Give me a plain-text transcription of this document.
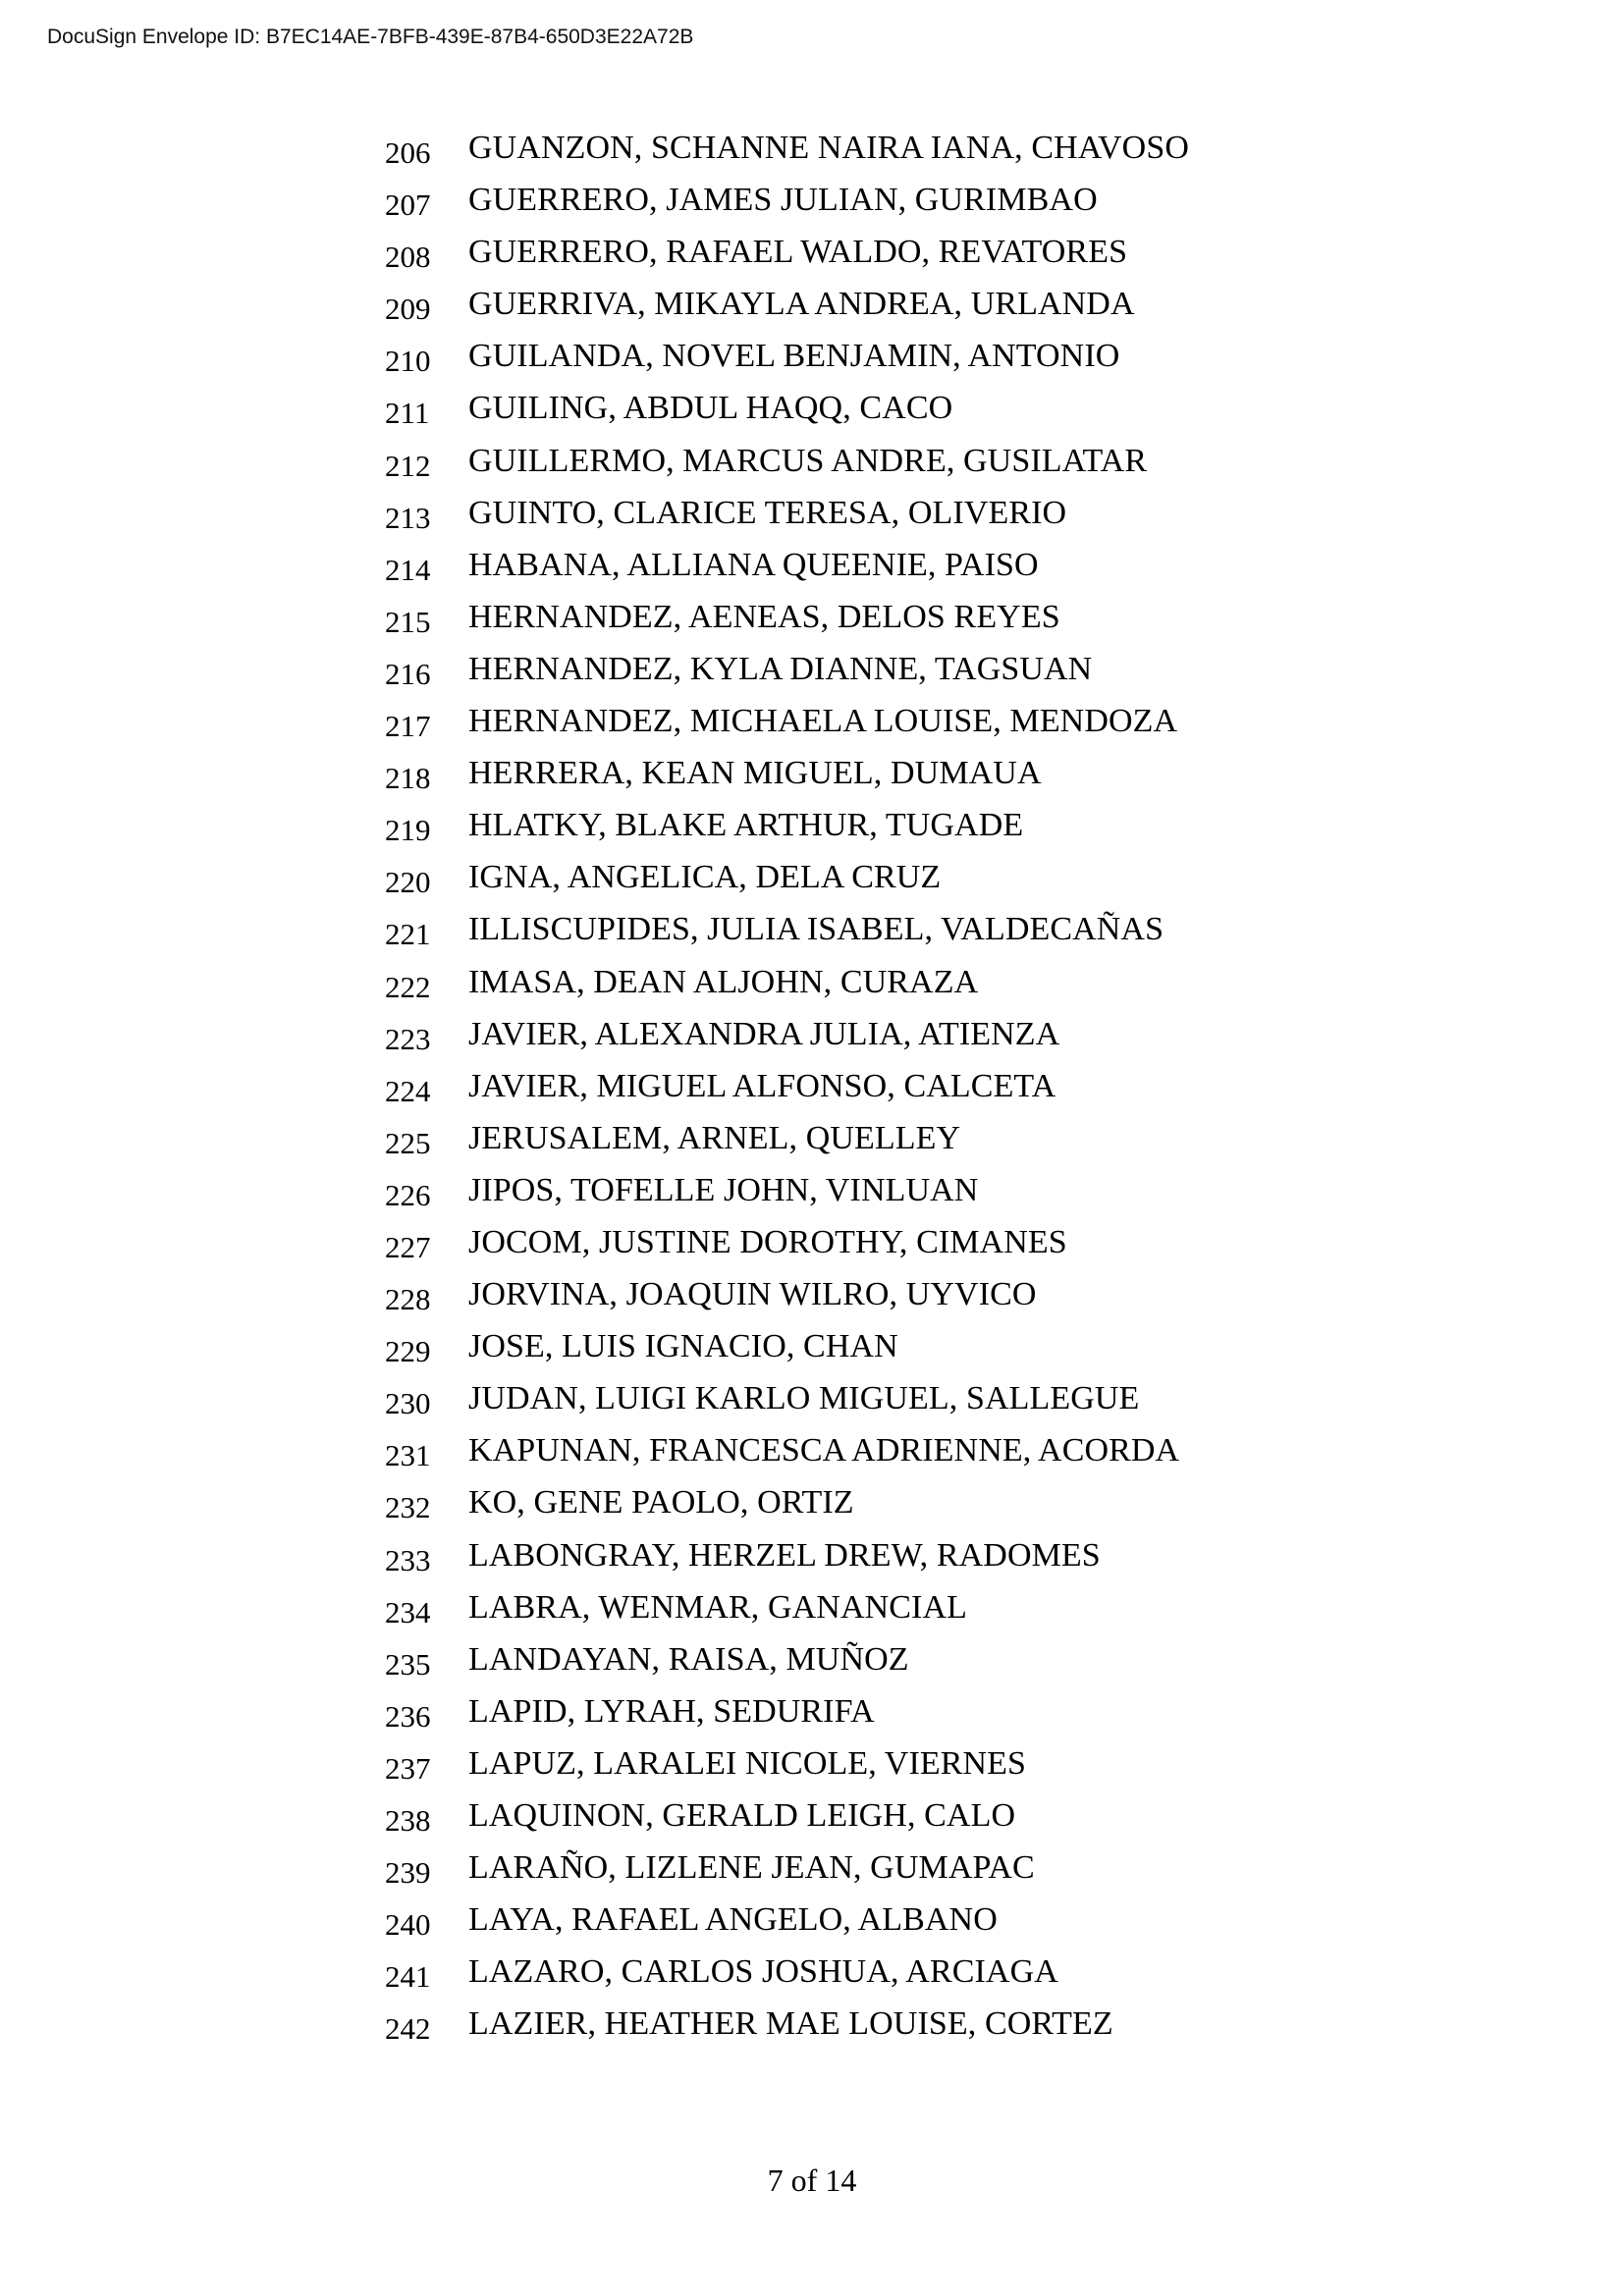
DocuSign Envelope ID: B7EC14AE-7BFB-439E-87B4-650D3E22A72B
206	GUANZON, SCHANNE NAIRA IANA, CHAVOSO
207	GUERRERO, JAMES JULIAN, GURIMBAO
208	GUERRERO, RAFAEL WALDO, REVATORES
209	GUERRIVA, MIKAYLA ANDREA, URLANDA
210	GUILANDA, NOVEL BENJAMIN, ANTONIO
211	GUILING, ABDUL HAQQ, CACO
212	GUILLERMO, MARCUS ANDRE, GUSILATAR
213	GUINTO, CLARICE TERESA, OLIVERIO
214	HABANA, ALLIANA QUEENIE, PAISO
215	HERNANDEZ, AENEAS, DELOS REYES
216	HERNANDEZ, KYLA DIANNE, TAGSUAN
217	HERNANDEZ, MICHAELA LOUISE, MENDOZA
218	HERRERA, KEAN MIGUEL, DUMAUA
219	HLATKY, BLAKE ARTHUR, TUGADE
220	IGNA, ANGELICA, DELA CRUZ
221	ILLISCUPIDES, JULIA ISABEL, VALDECAÑAS
222	IMASA, DEAN ALJOHN, CURAZA
223	JAVIER, ALEXANDRA JULIA, ATIENZA
224	JAVIER, MIGUEL ALFONSO, CALCETA
225	JERUSALEM, ARNEL, QUELLEY
226	JIPOS, TOFELLE JOHN, VINLUAN
227	JOCOM, JUSTINE DOROTHY, CIMANES
228	JORVINA, JOAQUIN WILRO, UYVICO
229	JOSE, LUIS IGNACIO, CHAN
230	JUDAN, LUIGI KARLO MIGUEL, SALLEGUE
231	KAPUNAN, FRANCESCA ADRIENNE, ACORDA
232	KO, GENE PAOLO, ORTIZ
233	LABONGRAY, HERZEL DREW, RADOMES
234	LABRA, WENMAR, GANANCIAL
235	LANDAYAN, RAISA, MUÑOZ
236	LAPID, LYRAH, SEDURIFA
237	LAPUZ, LARALEI NICOLE, VIERNES
238	LAQUINON, GERALD LEIGH, CALO
239	LARAÑO, LIZLENE JEAN, GUMAPAC
240	LAYA, RAFAEL ANGELO, ALBANO
241	LAZARO, CARLOS JOSHUA, ARCIAGA
242	LAZIER, HEATHER MAE LOUISE, CORTEZ
7 of 14
